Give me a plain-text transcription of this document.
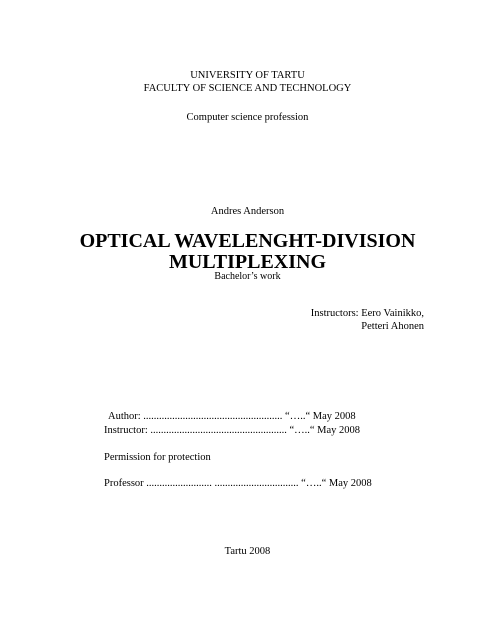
UNIVERSITY OF TARTU
FACULTY OF SCIENCE AND TECHNOLOGY
Computer science profession
Andres Anderson
OPTICAL WAVELENGHT-DIVISION
MULTIPLEXING
Bachelor’s work
Instructors: Eero Vainikko,
Petteri Ahonen
Author: ..................................................... “…..“ May 2008
Instructor: .................................................... “…..“ May 2008
Permission for protection
Professor ......................... ................................ “…..“ May 2008
Tartu 2008
